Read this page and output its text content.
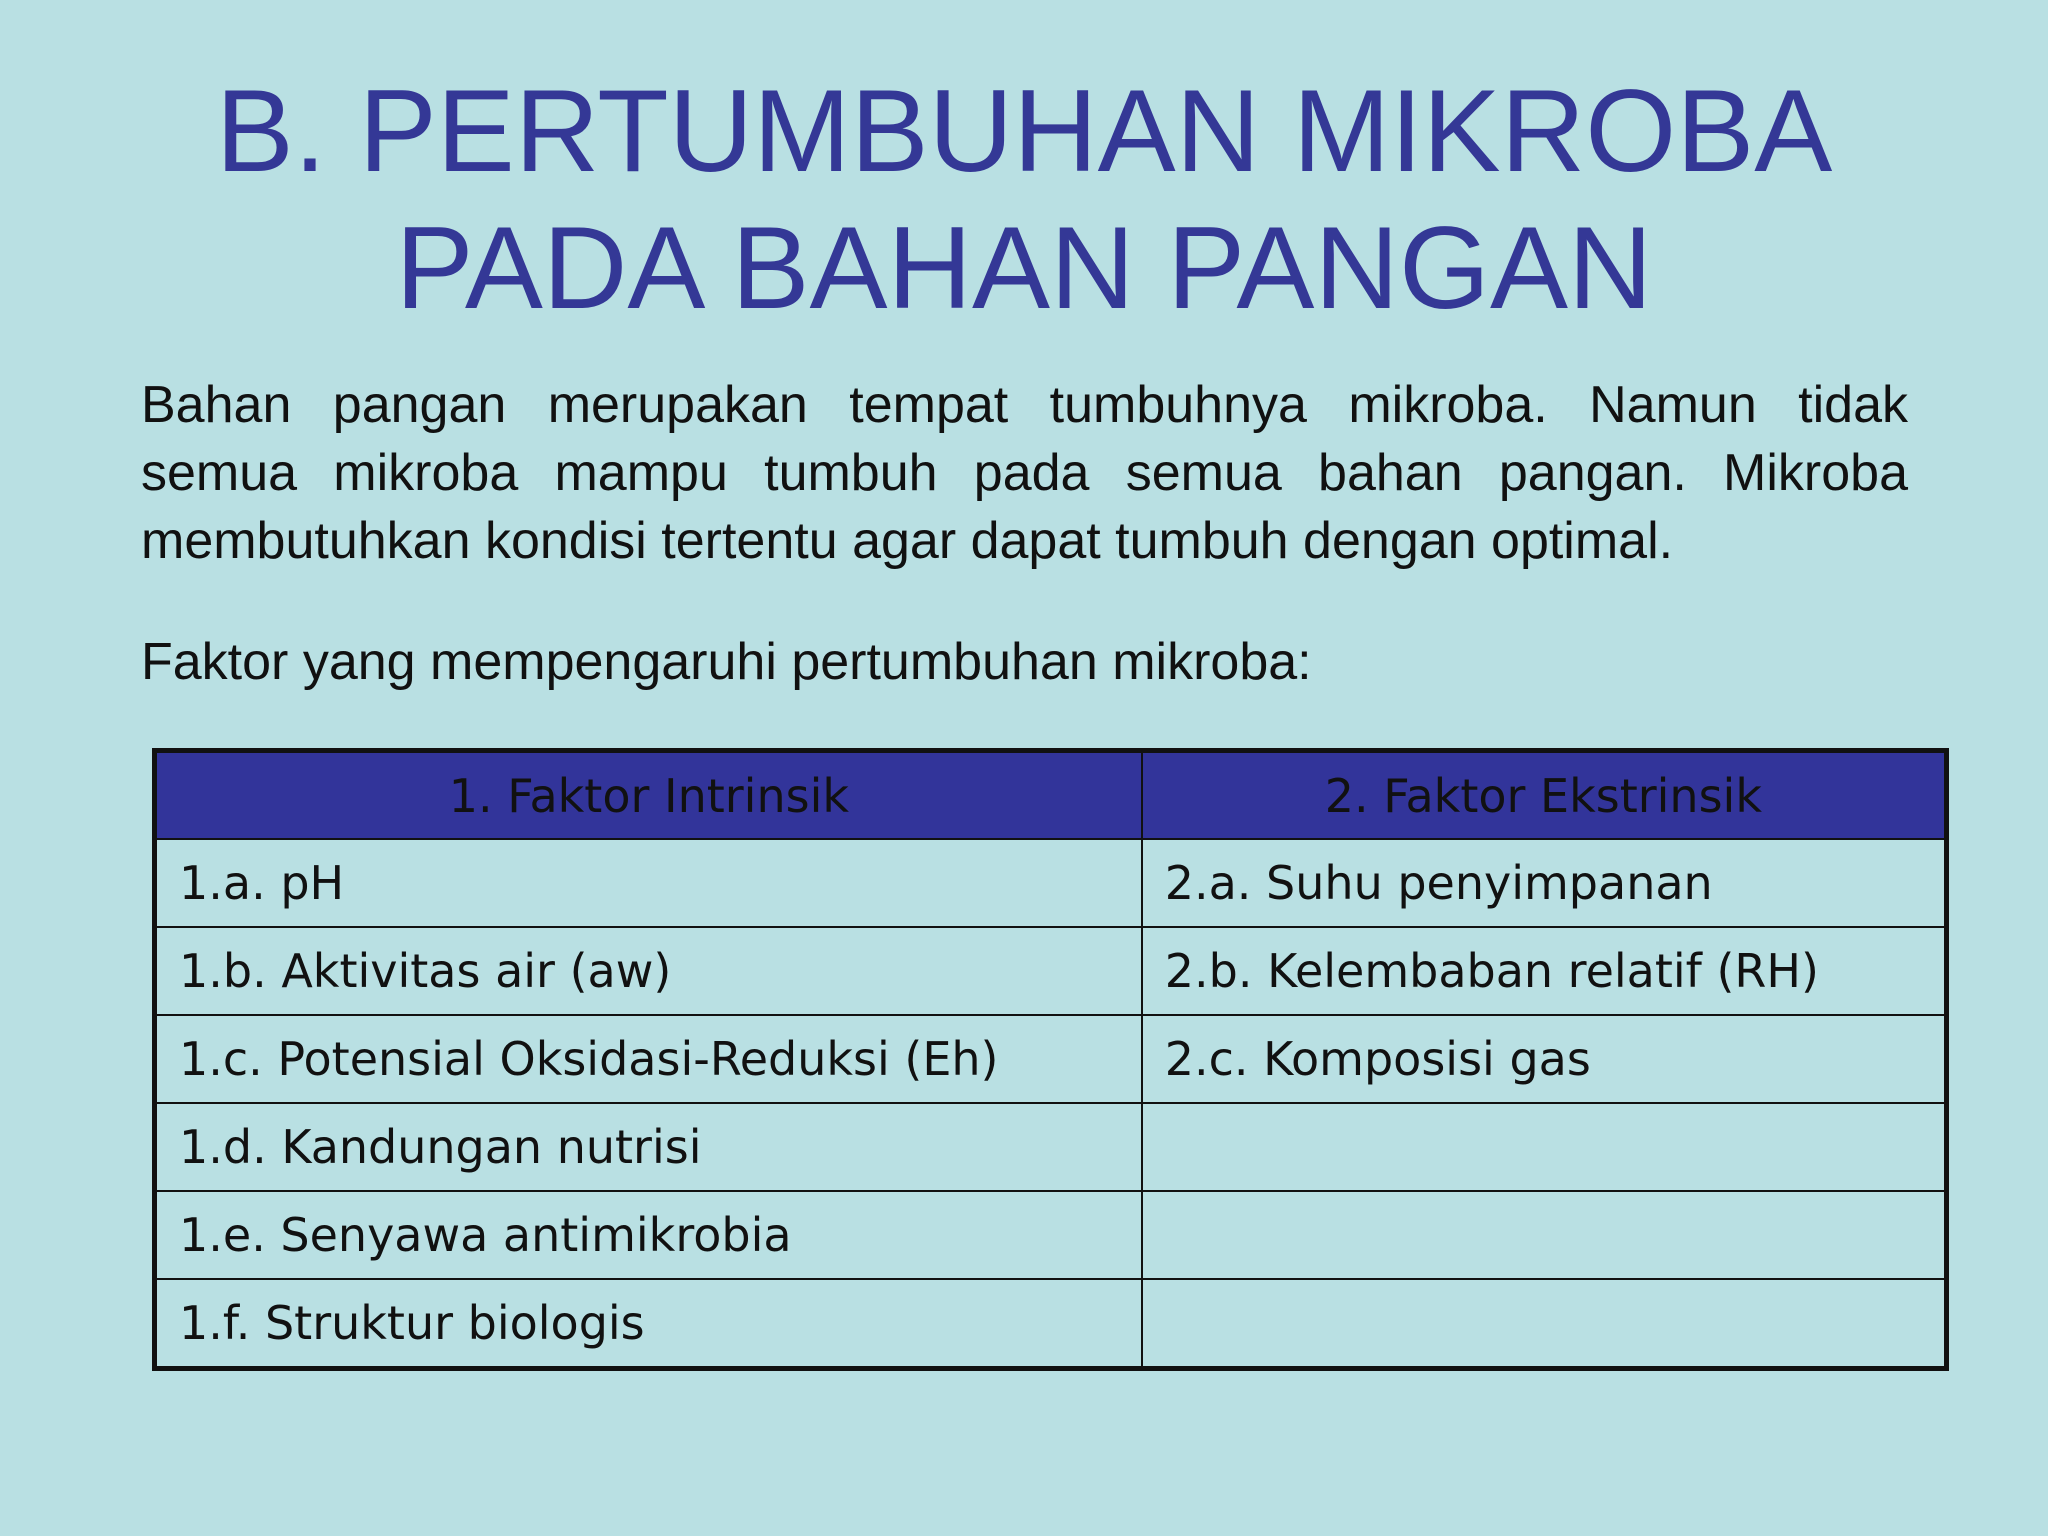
B. PERTUMBUHAN MIKROBA
PADA BAHAN PANGAN

Bahan pangan merupakan tempat tumbuhnya mikroba. Namun tidak
semua mikroba mampu tumbuh pada semua bahan pangan. Mikroba
membutuhkan kondisi tertentu agar dapat tumbuh dengan optimal.

Faktor yang mempengaruhi pertumbuhan mikroba:

1. Faktor Intrinsik	2. Faktor Ekstrinsik
1.a. pH	2.a. Suhu penyimpanan
1.b. Aktivitas air (aw)	2.b. Kelembaban relatif (RH)
1.c. Potensial Oksidasi-Reduksi (Eh)	2.c. Komposisi gas
1.d. Kandungan nutrisi	
1.e. Senyawa antimikrobia	
1.f. Struktur biologis	
